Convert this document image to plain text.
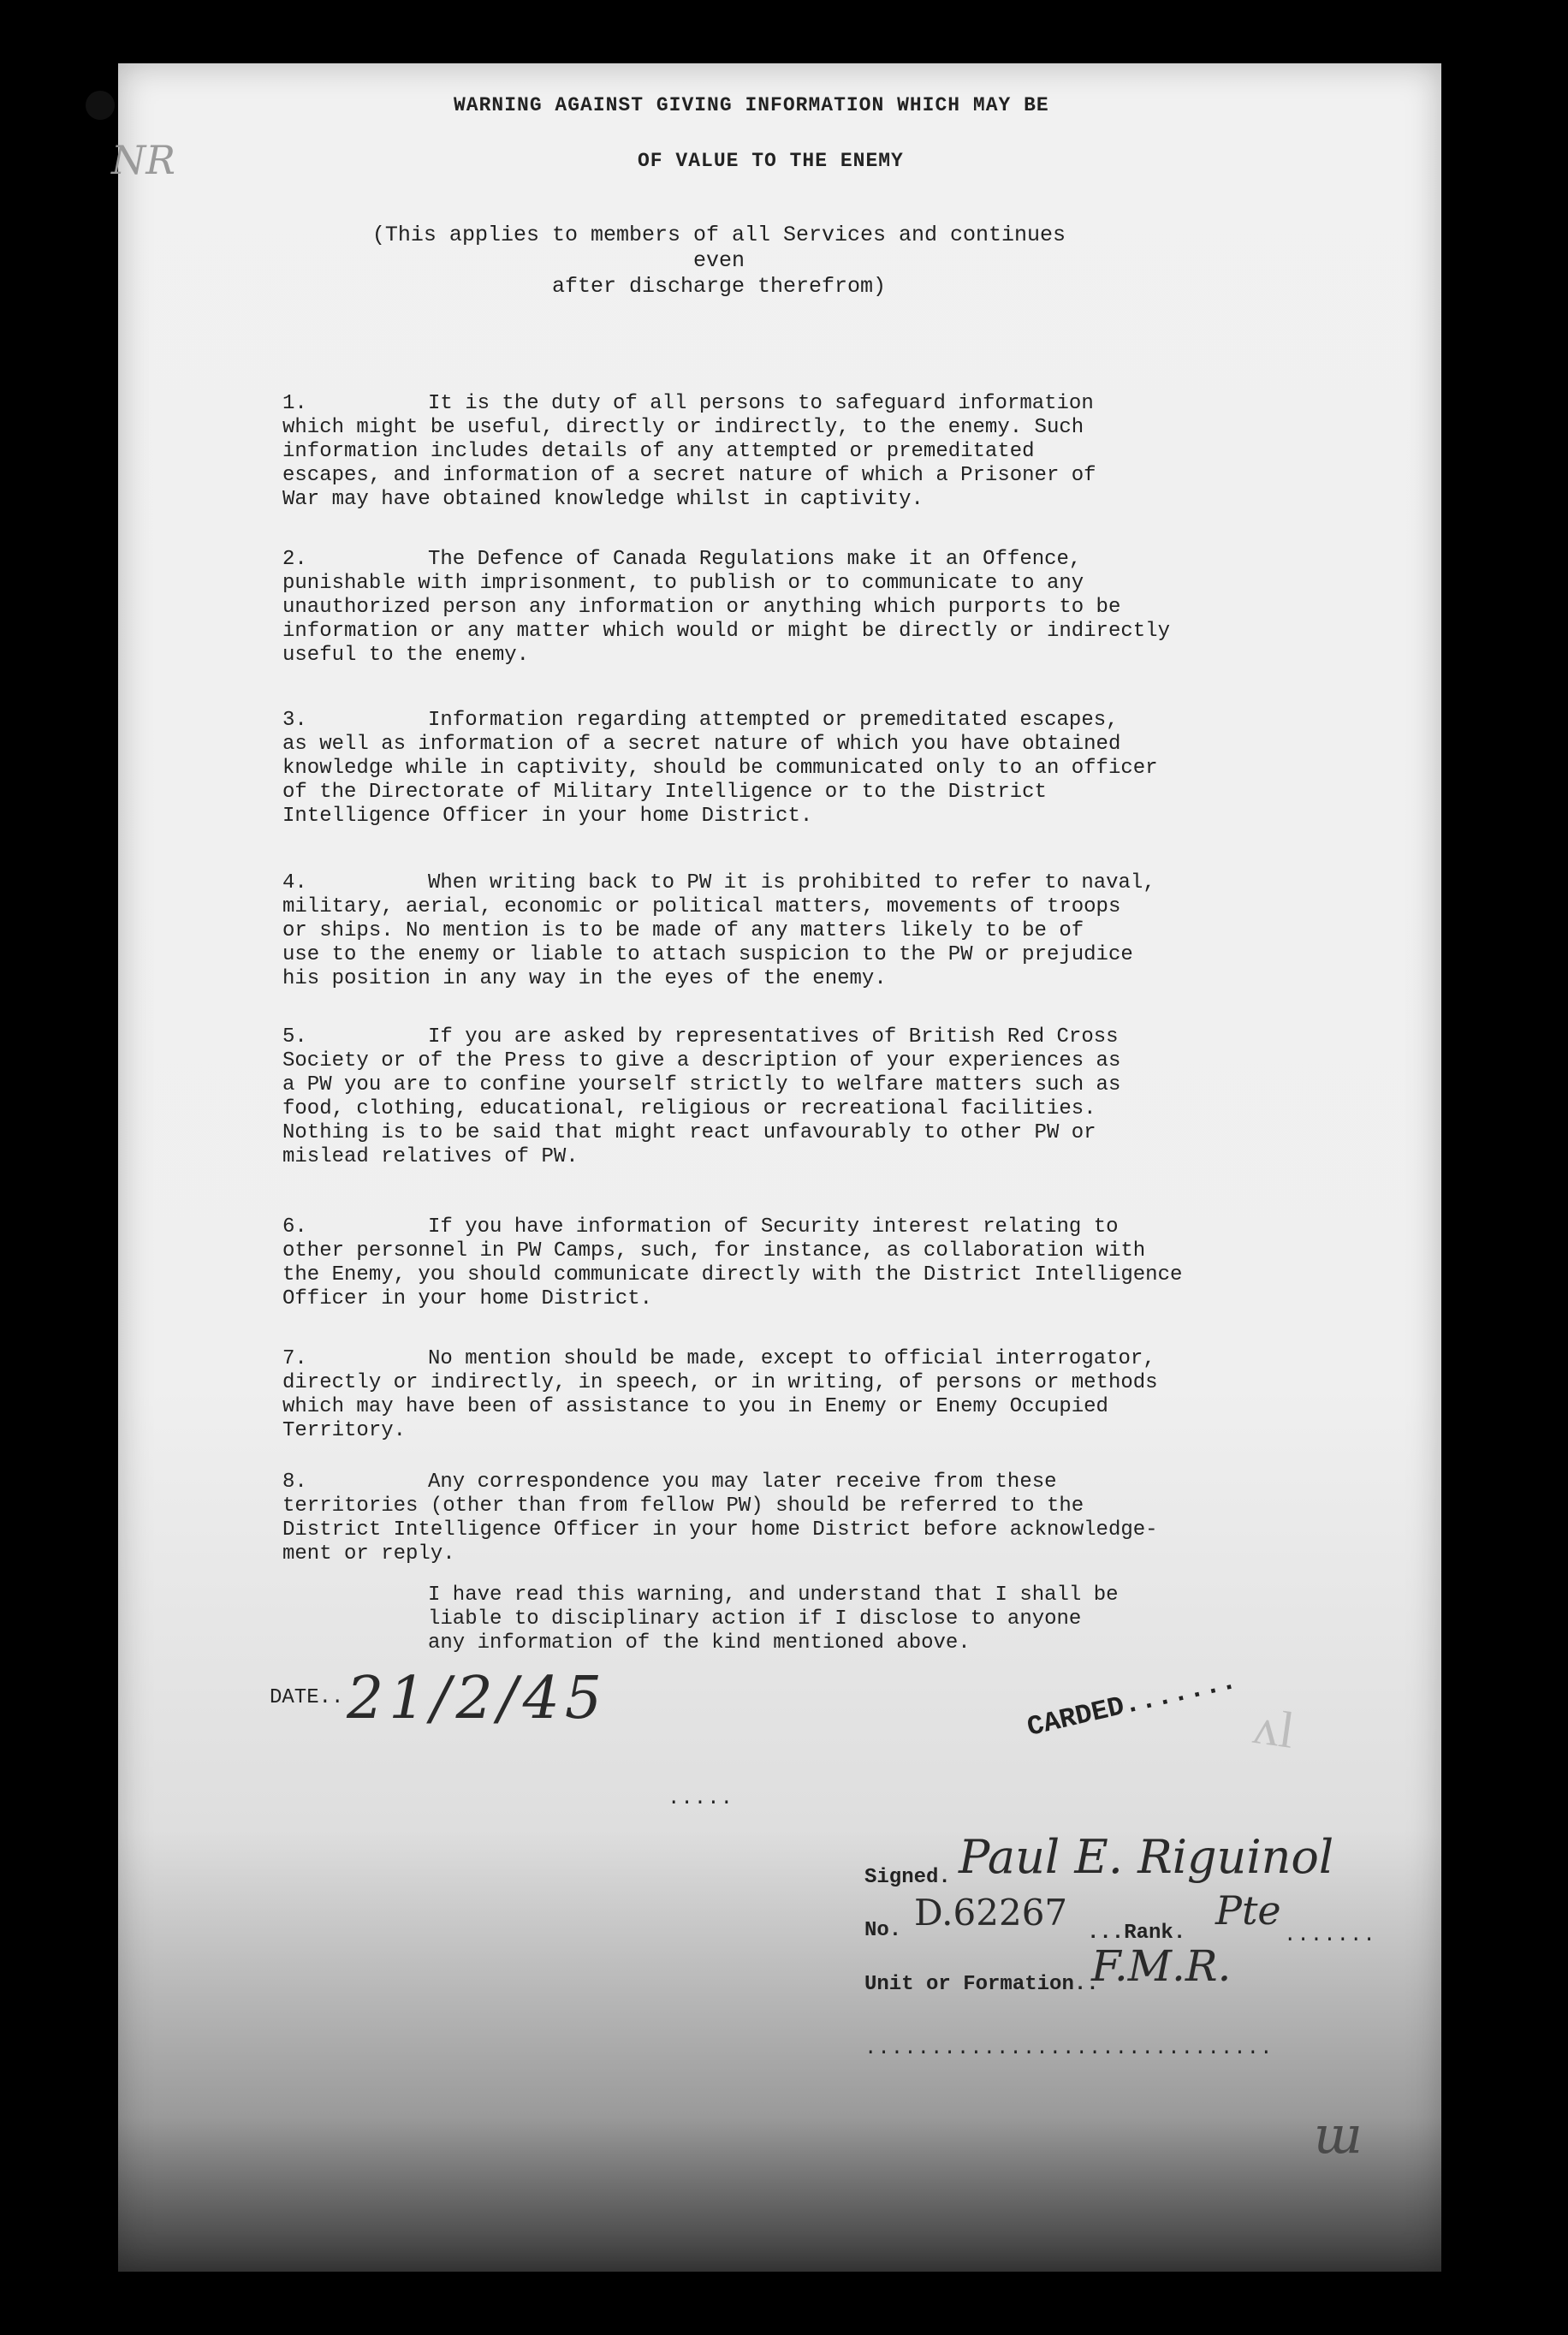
NR
WARNING AGAINST GIVING INFORMATION WHICH MAY BE
OF VALUE TO THE ENEMY
(This applies to members of all Services and continues even
after discharge therefrom)
1.	It is the duty of all persons to safeguard information
which might be useful, directly or indirectly, to the enemy. Such
information includes details of any attempted or premeditated
escapes, and information of a secret nature of which a Prisoner of
War may have obtained knowledge whilst in captivity.
2.	The Defence of Canada Regulations make it an Offence,
punishable with imprisonment, to publish or to communicate to any
unauthorized person any information or anything which purports to be
information or any matter which would or might be directly or indirectly
useful to the enemy.
3.	Information regarding attempted or premeditated escapes,
as well as information of a secret nature of which you have obtained
knowledge while in captivity, should be communicated only to an officer
of the Directorate of Military Intelligence or to the District
Intelligence Officer in your home District.
4.	When writing back to PW it is prohibited to refer to naval,
military, aerial, economic or political matters, movements of troops
or ships. No mention is to be made of any matters likely to be of
use to the enemy or liable to attach suspicion to the PW or prejudice
his position in any way in the eyes of the enemy.
5.	If you are asked by representatives of British Red Cross
Society or of the Press to give a description of your experiences as
a PW you are to confine yourself strictly to welfare matters such as
food, clothing, educational, religious or recreational facilities.
Nothing is to be said that might react unfavourably to other PW or
mislead relatives of PW.
6.	If you have information of Security interest relating to
other personnel in PW Camps, such, for instance, as collaboration with
the Enemy, you should communicate directly with the District Intelligence
Officer in your home District.
7.	No mention should be made, except to official interrogator,
directly or indirectly, in speech, or in writing, of persons or methods
which may have been of assistance to you in Enemy or Enemy Occupied
Territory.
8.	Any correspondence you may later receive from these
territories (other than from fellow PW) should be referred to the
District Intelligence Officer in your home District before acknowledge-
ment or reply.
I have read this warning, and understand that I shall be
liable to disciplinary action if I disclose to anyone
any information of the kind mentioned above.
DATE.. 21/2/45
.....
ʌl
CARDED.......
Signed. Paul E. Riguinol
No. D.62267 ...Rank. Pte
.......
Unit or Formation..
F.M.R.
...............................
ɯ
